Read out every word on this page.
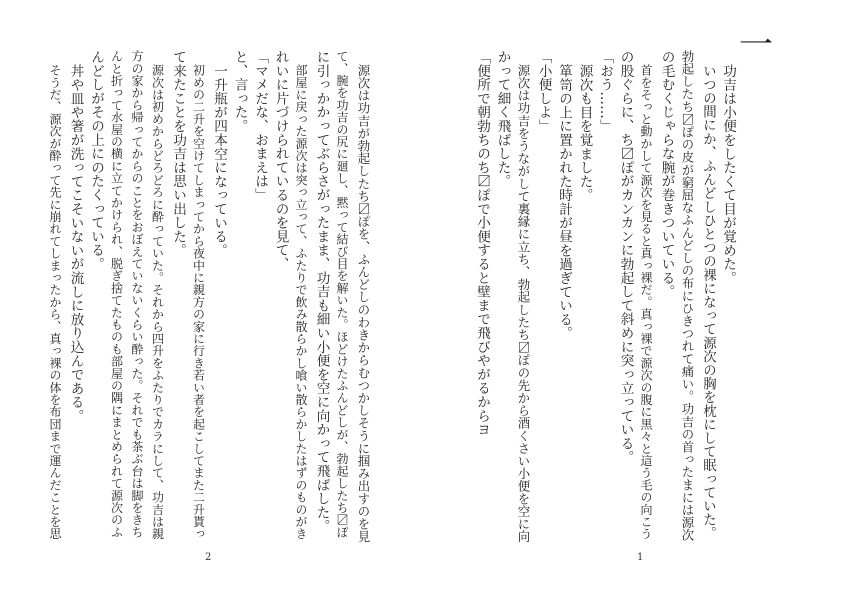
一
功吉は小便をしたくて目が覚めた。
いつの間にか、ふんどしひとつの裸になって源次の胸を枕にして眠っていた。
勃起したち〼ぽの皮が窮屈なふんどしの布にひきつれて痛い。功吉の首ったまには源次
の毛むくじゃらな腕が巻きついている。
首をそっと動かして源次を見ると真っ裸だ。真っ裸で源次の腹に黒々と這う毛の向こう
の股ぐらに、ち〼ぽがカンカンに勃起して斜めに突っ立っている。
「おう……」
源次も目を覚ました。
箪笥の上に置かれた時計が昼を過ぎている。
「小便しよ」
源次は功吉をうながして裏縁に立ち、勃起したち〼ぽの先から酒くさい小便を空に向
かって細く飛ばした。
「便所で朝勃ちのち〼ぽで小便すると壁まで飛びやがるからヨ
1
源次は功吉が勃起したち〼ぽを、ふんどしのわきからむつかしそうに掴み出すのを見
て、腕を功吉の尻に廻し、黙って結び目を解いた。ほどけたふんどしが、勃起したち〼ぽ
に引っかかってぶらさがったまま、功吉も細い小便を空に向かって飛ばした。
部屋に戻った源次は突っ立って、ふたりで飲み散らかし喰い散らかしたはずのものがき
れいに片づけられているのを見て、
「マメだな、おまえは」
と、言った。
一升瓶が四本空になっている。
初めの二升を空けてしまってから夜中に親方の家に行き若い者を起こしてまた二升貰っ
て来たことを功吉は思い出した。
源次は初めからどろどろに酔っていた。それから四升をふたりでカラにして、功吉は親
方の家から帰ってからのことをおぼえていないくらい酔った。それでも茶ぶ台は脚をきち
んと折って水屋の横に立てかけられ、脱ぎ捨てたものも部屋の隅にまとめられて源次のふ
んどしがその上にのたくっている。
丼や皿や箸が洗ってこそいないが流しに放り込んである。
そうだ、源次が酔って先に崩れてしまったから、真っ裸の体を布団まで運んだことを思
2
